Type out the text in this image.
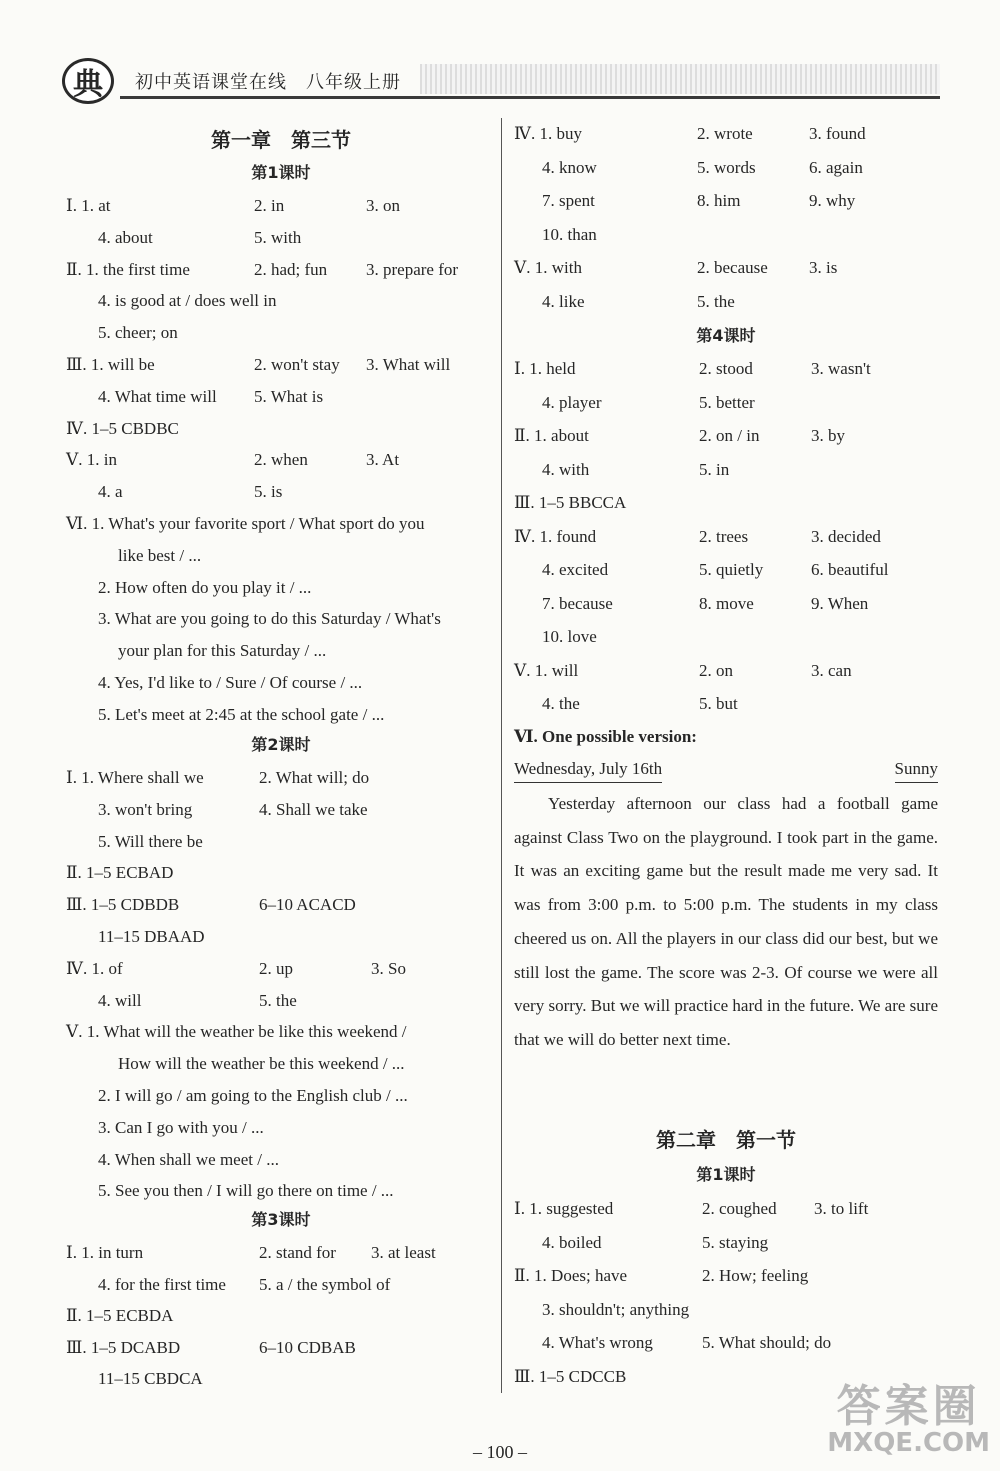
典	初中英语课堂在线　八年级上册
第一章　第三节
第1课时
Ⅰ. 1. at	2. in	3. on
4. about	5. with
Ⅱ. 1. the first time	2. had; fun 3. prepare for
4. is good at / does well in
5. cheer; on
Ⅲ. 1. will be	2. won't stay 3. What will
4. What time will 5. What is
Ⅳ. 1–5 CBDBC
Ⅴ. 1. in	2. when	3. At
4. a	5. is
Ⅵ. 1. What's your favorite sport / What sport do you
like best / ...
2. How often do you play it / ...
3. What are you going to do this Saturday / What's
your plan for this Saturday / ...
4. Yes, I'd like to / Sure / Of course / ...
5. Let's meet at 2:45 at the school gate / ...
第2课时
Ⅰ. 1. Where shall we	2. What will; do
3. won't bring	4. Shall we take
5. Will there be
Ⅱ. 1–5 ECBAD
Ⅲ. 1–5 CDBDB	6–10 ACACD
11–15 DBAAD
Ⅳ. 1. of	2. up	3. So
4. will	5. the
Ⅴ. 1. What will the weather be like this weekend /
How will the weather be this weekend / ...
2. I will go / am going to the English club / ...
3. Can I go with you / ...
4. When shall we meet / ...
5. See you then / I will go there on time / ...
第3课时
Ⅰ. 1. in turn	2. stand for 3. at least
4. for the first time 5. a / the symbol of
Ⅱ. 1–5 ECBDA
Ⅲ. 1–5 DCABD	6–10 CDBAB
11–15 CBDCA
Ⅳ. 1. buy	2. wrote	3. found
4. know	5. words	6. again
7. spent	8. him	9. why
10. than
Ⅴ. 1. with	2. because 3. is
4. like	5. the
第4课时
Ⅰ. 1. held	2. stood	3. wasn't
4. player	5. better
Ⅱ. 1. about	2. on / in	3. by
4. with	5. in
Ⅲ. 1–5 BBCCA
Ⅳ. 1. found	2. trees	3. decided
4. excited	5. quietly	6. beautiful
7. because	8. move	9. When
10. love
Ⅴ. 1. will	2. on	3. can
4. the	5. but
Ⅵ. One possible version:
Wednesday, July 16th	Sunny
Yesterday afternoon our class had a football game against Class Two on the playground. I took part in the game. It was an exciting game but the result made me very sad. It was from 3:00 p.m. to 5:00 p.m. The students in my class cheered us on. All the players in our class did our best, but we still lost the game. The score was 2-3. Of course we were all very sorry. But we will practice hard in the future. We are sure that we will do better next time.
第二章　第一节
第1课时
Ⅰ. 1. suggested	2. coughed 3. to lift
4. boiled	5. staying
Ⅱ. 1. Does; have	2. How; feeling
3. shouldn't; anything
4. What's wrong	5. What should; do
Ⅲ. 1–5 CDCCB
– 100 –
答案圈
MXQE.COM
